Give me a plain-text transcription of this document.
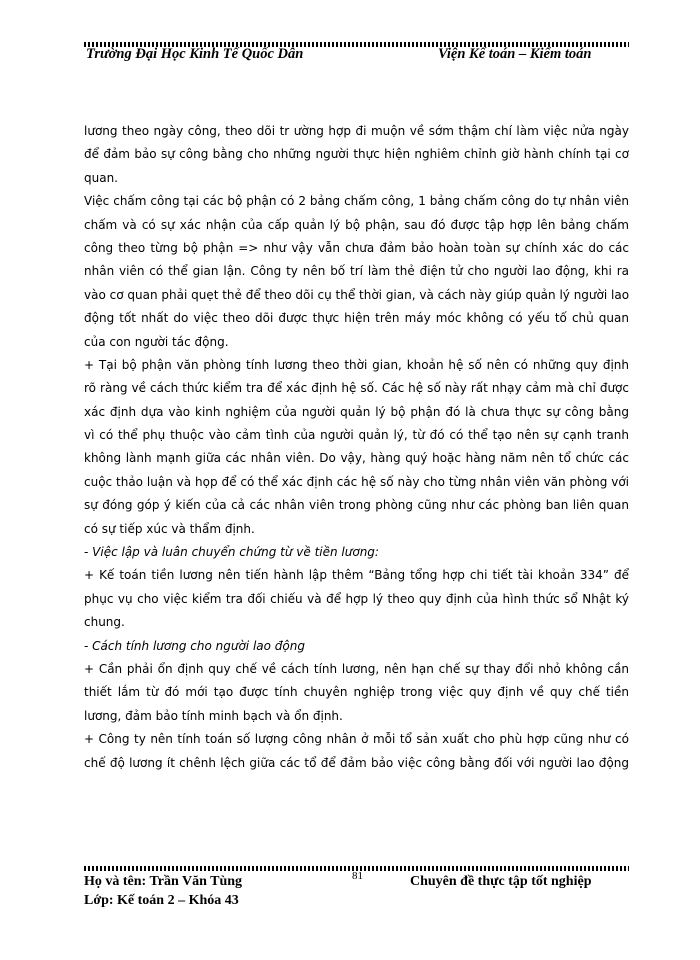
Trường Đại Học Kinh Tế Quốc Dân	Viện Kế toán – Kiểm toán
lương theo ngày công, theo dõi tr ường hợp đi muộn về sớm thậm chí làm việc nửa ngày
để đảm bảo sự công bằng cho những người thực hiện nghiêm chỉnh giờ hành chính tại cơ
quan.
Việc chấm công tại các bộ phận có 2 bảng chấm công, 1 bảng chấm công do tự nhân viên
chấm và có sự xác nhận của cấp quản lý bộ phận, sau đó được tập hợp lên bảng chấm
công theo từng bộ phận => như vậy vẫn chưa đảm bảo hoàn toàn sự chính xác do các
nhân viên có thể gian lận. Công ty nên bố trí làm thẻ điện tử cho người lao động, khi ra
vào cơ quan phải quẹt thẻ để theo dõi cụ thể thời gian, và cách này giúp quản lý người lao
động tốt nhất do việc theo dõi được thực hiện trên máy móc không có yếu tố chủ quan
của con người tác động.
+ Tại bộ phận văn phòng tính lương theo thời gian, khoản hệ số nên có những quy định
rõ ràng về cách thức kiểm tra để xác định hệ số. Các hệ số này rất nhạy cảm mà chỉ được
xác định dựa vào kinh nghiệm của người quản lý bộ phận đó là chưa thực sự công bằng
vì có thể phụ thuộc vào cảm tình của người quản lý, từ đó có thể tạo nên sự cạnh tranh
không lành mạnh giữa các nhân viên. Do vậy, hàng quý hoặc hàng năm nên tổ chức các
cuộc thảo luận và họp để có thể xác định các hệ số này cho từng nhân viên văn phòng với
sự đóng góp ý kiến của cả các nhân viên trong phòng cũng như các phòng ban liên quan
có sự tiếp xúc và thẩm định.
- Việc lập và luân chuyển chứng từ về tiền lương:
+ Kế toán tiền lương nên tiến hành lập thêm “Bảng tổng hợp chi tiết tài khoản 334” để
phục vụ cho việc kiểm tra đối chiếu và để hợp lý theo quy định của hình thức sổ Nhật ký
chung.
- Cách tính lương cho người lao động
+ Cần phải ổn định quy chế về cách tính lương, nên hạn chế sự thay đổi nhỏ không cần
thiết lắm từ đó mới tạo được tính chuyên nghiệp trong việc quy định về quy chế tiền
lương, đảm bảo tính minh bạch và ổn định.
+ Công ty nên tính toán số lượng công nhân ở mỗi tổ sản xuất cho phù hợp cũng như có
chế độ lương ít chênh lệch giữa các tổ để đảm bảo việc công bằng đối với người lao động
Họ và tên: Trần Văn Tùng	81	Chuyên đề thực tập tốt nghiệp
Lớp: Kế toán 2 – Khóa 43
